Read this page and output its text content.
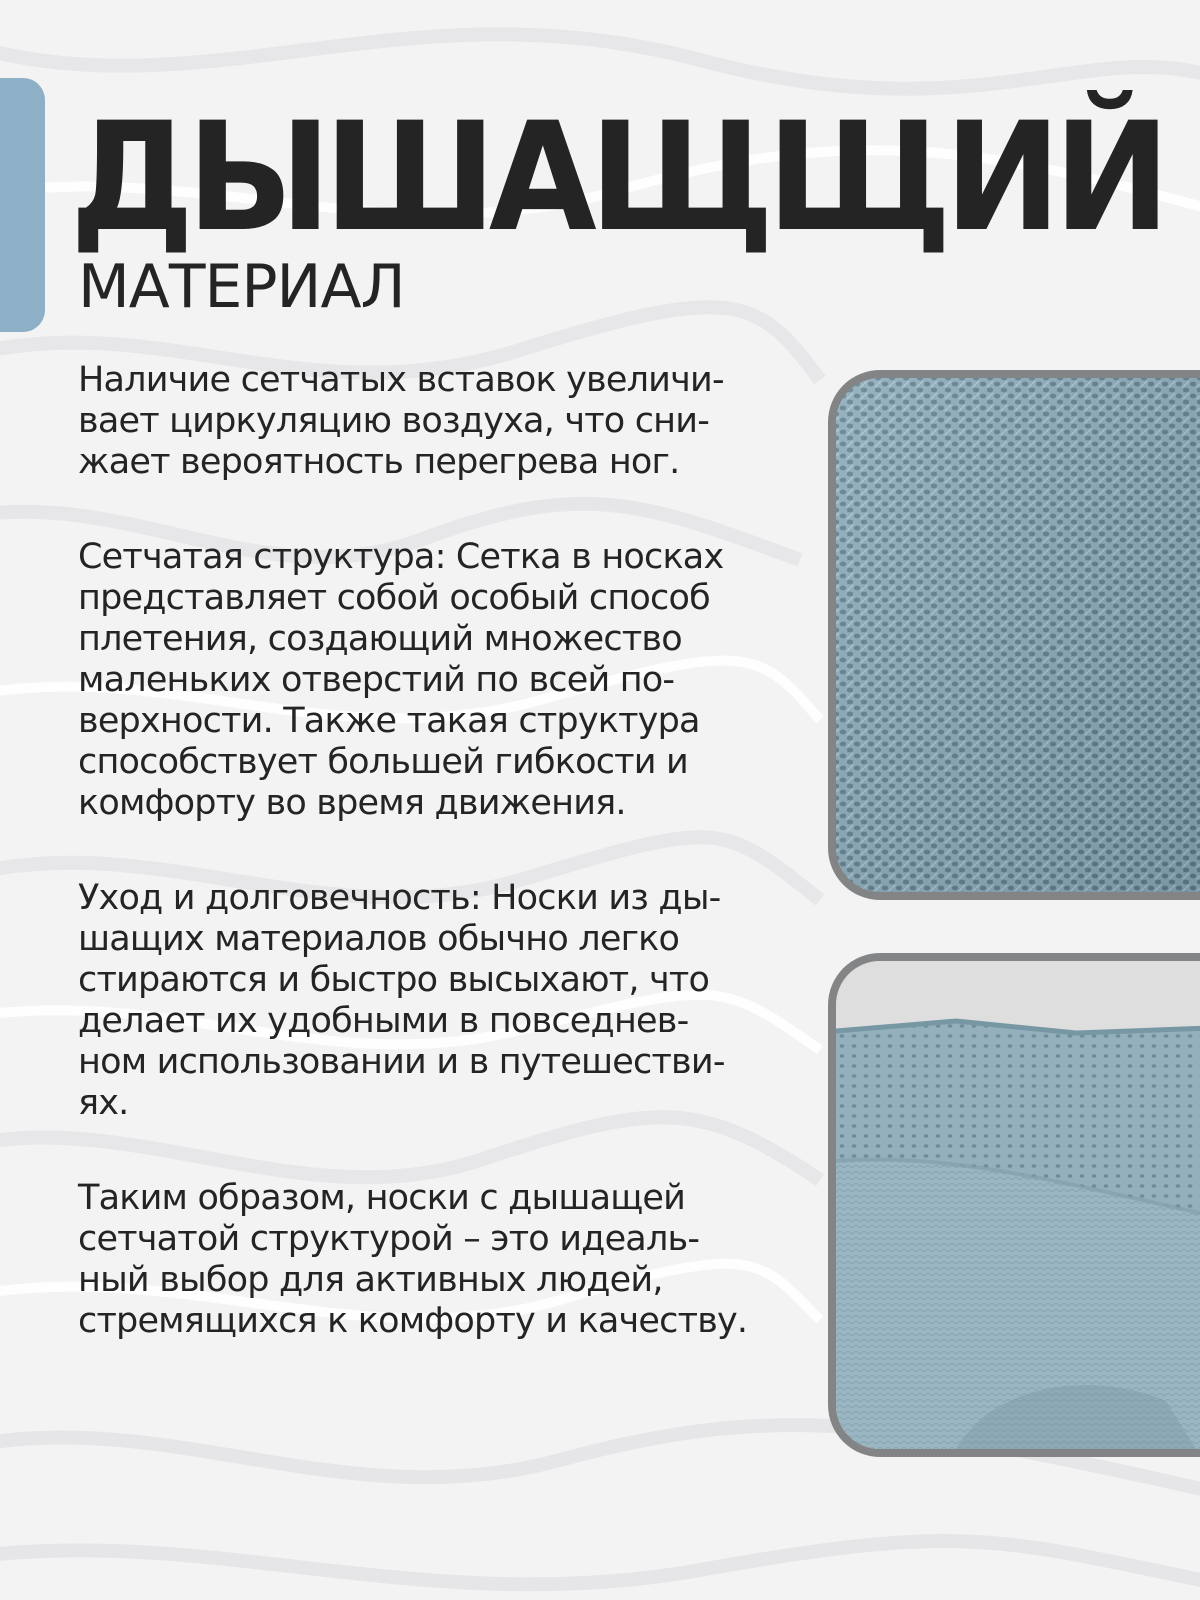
ДЫШАЩЩИЙ
МАТЕРИАЛ

Наличие сетчатых вставок увеличи-
вает циркуляцию воздуха, что сни-
жает вероятность перегрева ног.

Сетчатая структура: Сетка в носках
представляет собой особый способ
плетения, создающий множество
маленьких отверстий по всей по-
верхности. Также такая структура
способствует большей гибкости и
комфорту во время движения.

Уход и долговечность: Носки из ды-
шащих материалов обычно легко
стираются и быстро высыхают, что
делает их удобными в повседнев-
ном использовании и в путешестви-
ях.

Таким образом, носки с дышащей
сетчатой структурой – это идеаль-
ный выбор для активных людей,
стремящихся к комфорту и качеству.
